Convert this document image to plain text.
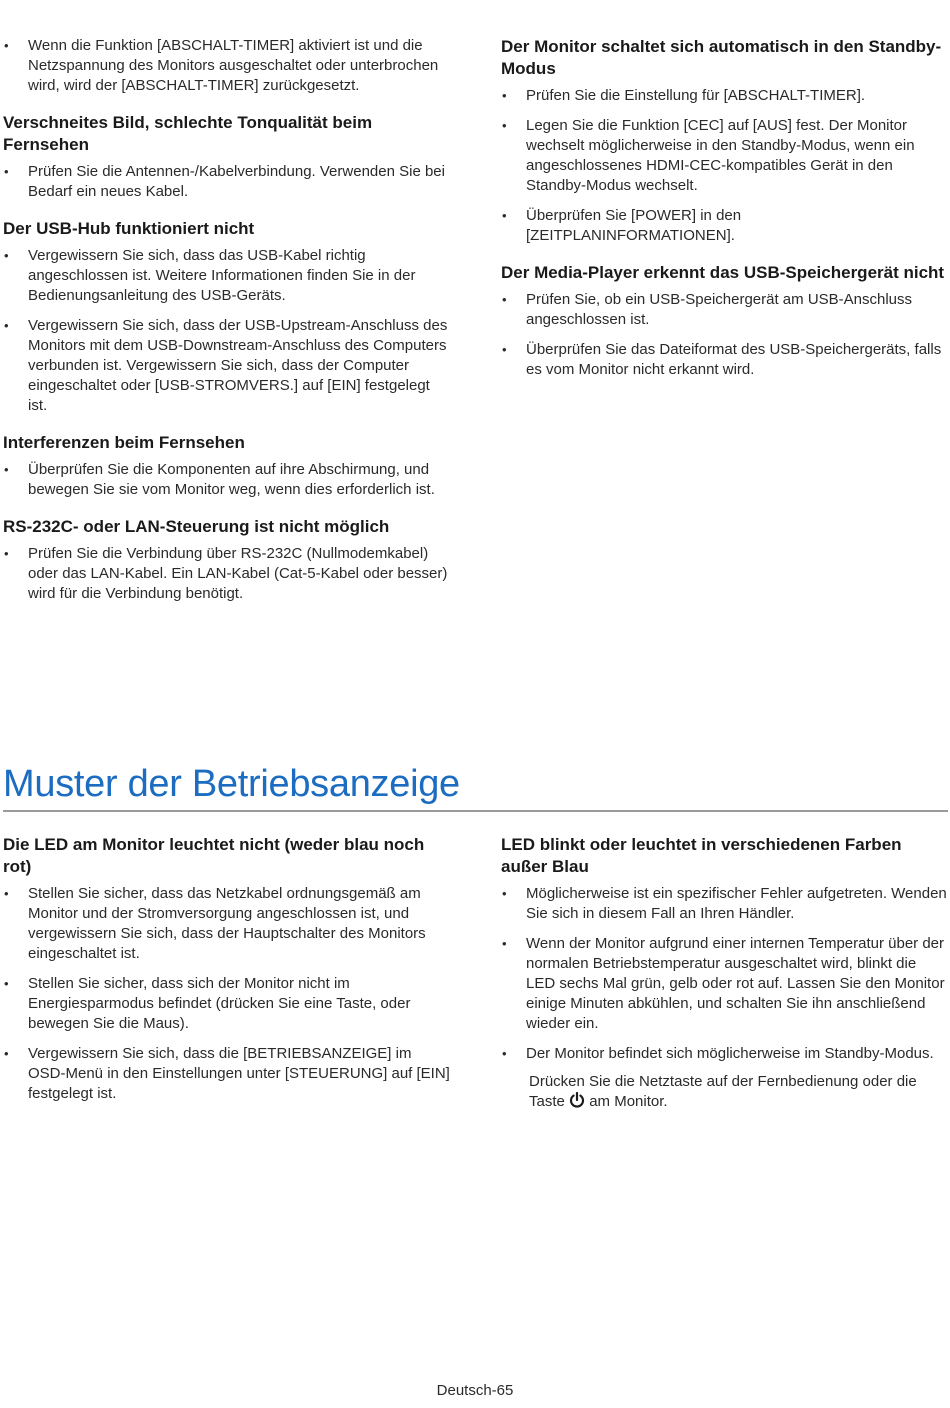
• Wenn die Funktion [ABSCHALT-TIMER] aktiviert ist und die Netzspannung des Monitors ausgeschaltet oder unterbrochen wird, wird der [ABSCHALT-TIMER] zurückgesetzt.
Verschneites Bild, schlechte Tonqualität beim Fernsehen
• Prüfen Sie die Antennen-/Kabelverbindung. Verwenden Sie bei Bedarf ein neues Kabel.
Der USB-Hub funktioniert nicht
• Vergewissern Sie sich, dass das USB-Kabel richtig angeschlossen ist. Weitere Informationen finden Sie in der Bedienungsanleitung des USB-Geräts.
• Vergewissern Sie sich, dass der USB-Upstream-Anschluss des Monitors mit dem USB-Downstream-Anschluss des Computers verbunden ist. Vergewissern Sie sich, dass der Computer eingeschaltet oder [USB-STROMVERS.] auf [EIN] festgelegt ist.
Interferenzen beim Fernsehen
• Überprüfen Sie die Komponenten auf ihre Abschirmung, und bewegen Sie sie vom Monitor weg, wenn dies erforderlich ist.
RS-232C- oder LAN-Steuerung ist nicht möglich
• Prüfen Sie die Verbindung über RS-232C (Nullmodemkabel) oder das LAN-Kabel. Ein LAN-Kabel (Cat-5-Kabel oder besser) wird für die Verbindung benötigt.
Der Monitor schaltet sich automatisch in den Standby-Modus
• Prüfen Sie die Einstellung für [ABSCHALT-TIMER].
• Legen Sie die Funktion [CEC] auf [AUS] fest. Der Monitor wechselt möglicherweise in den Standby-Modus, wenn ein angeschlossenes HDMI-CEC-kompatibles Gerät in den Standby-Modus wechselt.
• Überprüfen Sie [POWER] in den [ZEITPLANINFORMATIONEN].
Der Media-Player erkennt das USB-Speichergerät nicht
• Prüfen Sie, ob ein USB-Speichergerät am USB-Anschluss angeschlossen ist.
• Überprüfen Sie das Dateiformat des USB-Speichergeräts, falls es vom Monitor nicht erkannt wird.
Muster der Betriebsanzeige
Die LED am Monitor leuchtet nicht (weder blau noch rot)
• Stellen Sie sicher, dass das Netzkabel ordnungsgemäß am Monitor und der Stromversorgung angeschlossen ist, und vergewissern Sie sich, dass der Hauptschalter des Monitors eingeschaltet ist.
• Stellen Sie sicher, dass sich der Monitor nicht im Energiesparmodus befindet (drücken Sie eine Taste, oder bewegen Sie die Maus).
• Vergewissern Sie sich, dass die [BETRIEBSANZEIGE] im OSD-Menü in den Einstellungen unter [STEUERUNG] auf [EIN] festgelegt ist.
LED blinkt oder leuchtet in verschiedenen Farben außer Blau
• Möglicherweise ist ein spezifischer Fehler aufgetreten. Wenden Sie sich in diesem Fall an Ihren Händler.
• Wenn der Monitor aufgrund einer internen Temperatur über der normalen Betriebstemperatur ausgeschaltet wird, blinkt die LED sechs Mal grün, gelb oder rot auf. Lassen Sie den Monitor einige Minuten abkühlen, und schalten Sie ihn anschließend wieder ein.
• Der Monitor befindet sich möglicherweise im Standby-Modus.
Drücken Sie die Netztaste auf der Fernbedienung oder die Taste am Monitor.
Deutsch-65
